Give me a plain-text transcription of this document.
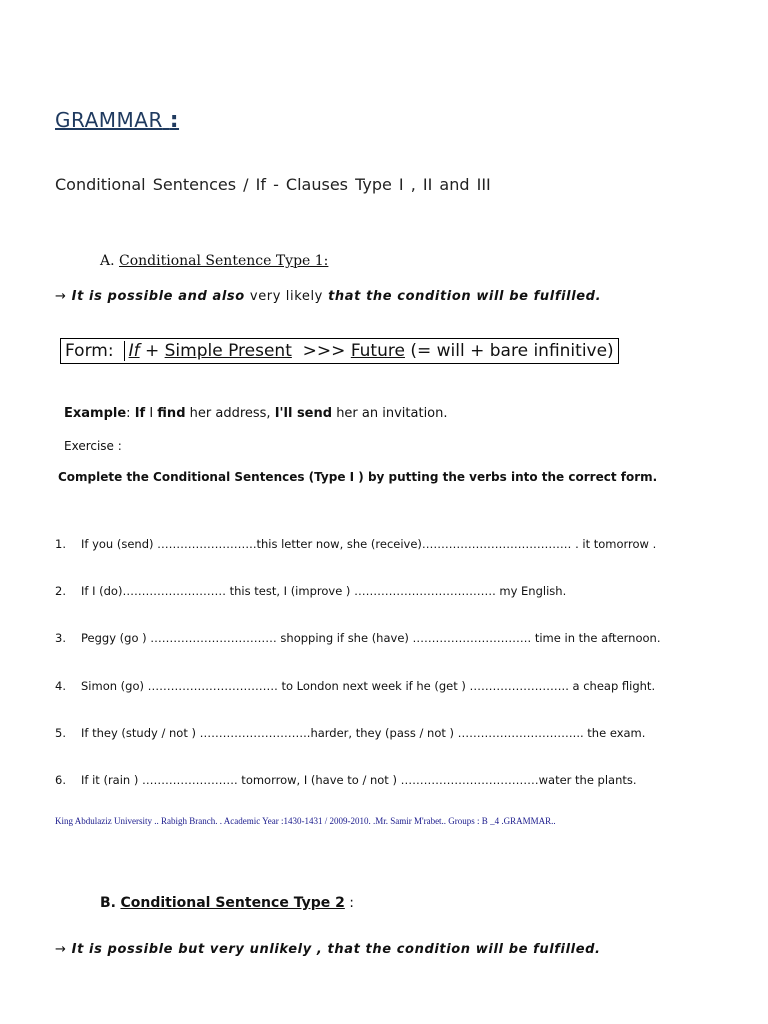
GRAMMAR :
Conditional Sentences / If - Clauses Type I , II and III
A. Conditional Sentence Type 1:
→ It is possible and also very likely that the condition will be fulfilled.
Form: If + Simple Present  >>> Future (= will + bare infinitive)
Example: If I find her address, I'll send her an invitation.
Exercise :
Complete the Conditional Sentences (Type I ) by putting the verbs into the correct form.
1. If you (send) ……………………..this letter now, she (receive)………………………………… . it tomorrow .
2. If I (do)……………………… this test, I (improve ) ………………………………. my English.
3. Peggy (go ) …………………………… shopping if she (have) …………………………. time in the afternoon.
4. Simon (go) ……………………………. to London next week if he (get ) …………………….. a cheap flight.
5. If they (study / not ) ………………………..harder, they (pass / not ) …………………………... the exam.
6. If it (rain ) ……………………. tomorrow, I (have to / not ) ………………………………water the plants.
King Abdulaziz University .. Rabigh Branch. . Academic Year :1430-1431 / 2009-2010. .Mr. Samir M'rabet.. Groups : B _4 .GRAMMAR..
B. Conditional Sentence Type 2 :
→ It is possible but very unlikely , that the condition will be fulfilled.
